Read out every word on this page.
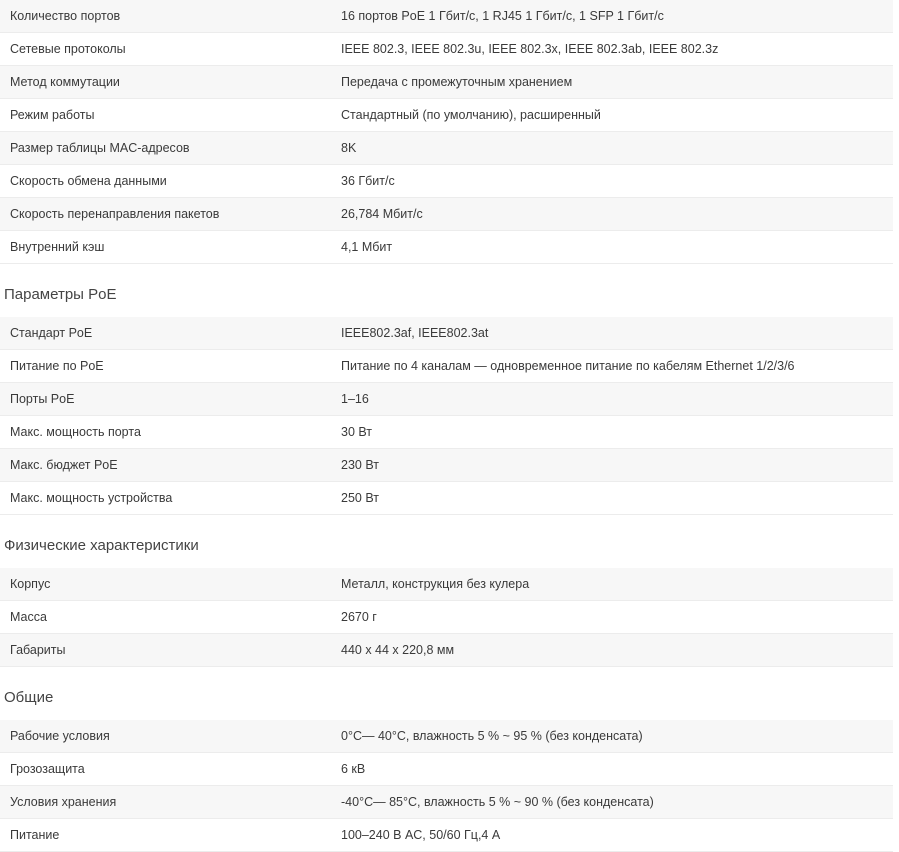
Количество портов	16 портов PoE 1 Гбит/с, 1 RJ45 1 Гбит/с, 1 SFP 1 Гбит/с
Сетевые протоколы	IEEE 802.3, IEEE 802.3u, IEEE 802.3x, IEEE 802.3ab, IEEE 802.3z
Метод коммутации	Передача с промежуточным хранением
Режим работы	Стандартный (по умолчанию), расширенный
Размер таблицы MAC-адресов	8K
Скорость обмена данными	36 Гбит/с
Скорость перенаправления пакетов	26,784 Мбит/с
Внутренний кэш	4,1 Мбит
Параметры PoE
Стандарт PoE	IEEE802.3af, IEEE802.3at
Питание по PoE	Питание по 4 каналам — одновременное питание по кабелям Ethernet 1/2/3/6
Порты PoE	1–16
Макс. мощность порта	30 Вт
Макс. бюджет PoE	230 Вт
Макс. мощность устройства	250 Вт
Физические характеристики
Корпус	Металл, конструкция без кулера
Масса	2670 г
Габариты	440 x 44 x 220,8 мм
Общие
Рабочие условия	0°C— 40°C, влажность 5 % ~ 95 % (без конденсата)
Грозозащита	6 кВ
Условия хранения	-40°C— 85°C, влажность 5 % ~ 90 % (без конденсата)
Питание	100–240 В AC, 50/60 Гц,4 A
